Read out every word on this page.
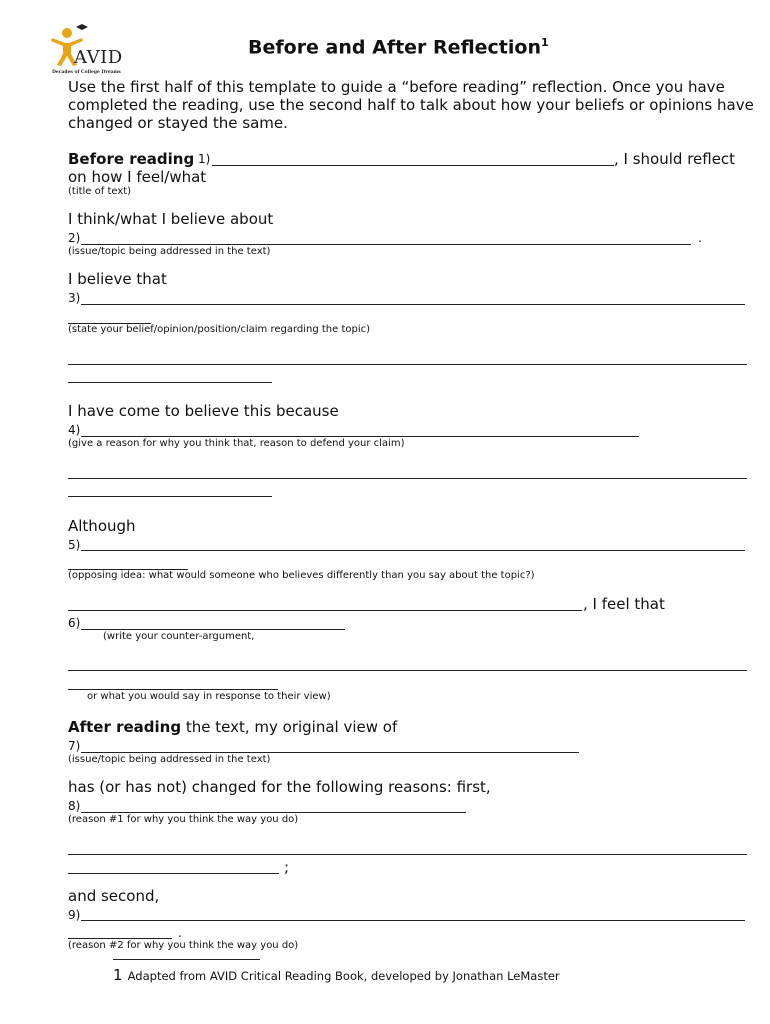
AVID
Decades of College Dreams
Before and After Reflection$^1$
Use the first half of this template to guide a “before reading” reflection. Once you have completed the reading, use the second half to talk about how your beliefs or opinions have changed or stayed the same.
Before reading 1)	, I should reflect
on how I feel/what
(title of text)
I think/what I believe about
2)	.
(issue/topic being addressed in the text)
I believe that
3)
(state your belief/opinion/position/claim regarding the topic)
I have come to believe this because
4)
(give a reason for why you think that, reason to defend your claim)
Although
5)
(opposing idea: what would someone who believes differently than you say about the topic?)
, I feel that
6)
(write your counter-argument,
or what you would say in response to their view)
After reading the text, my original view of
7)
(issue/topic being addressed in the text)
has (or has not) changed for the following reasons: first,
8)
(reason #1 for why you think the way you do)
;
and second,
9)
.
(reason #2 for why you think the way you do)
1 Adapted from AVID Critical Reading Book, developed by Jonathan LeMaster
